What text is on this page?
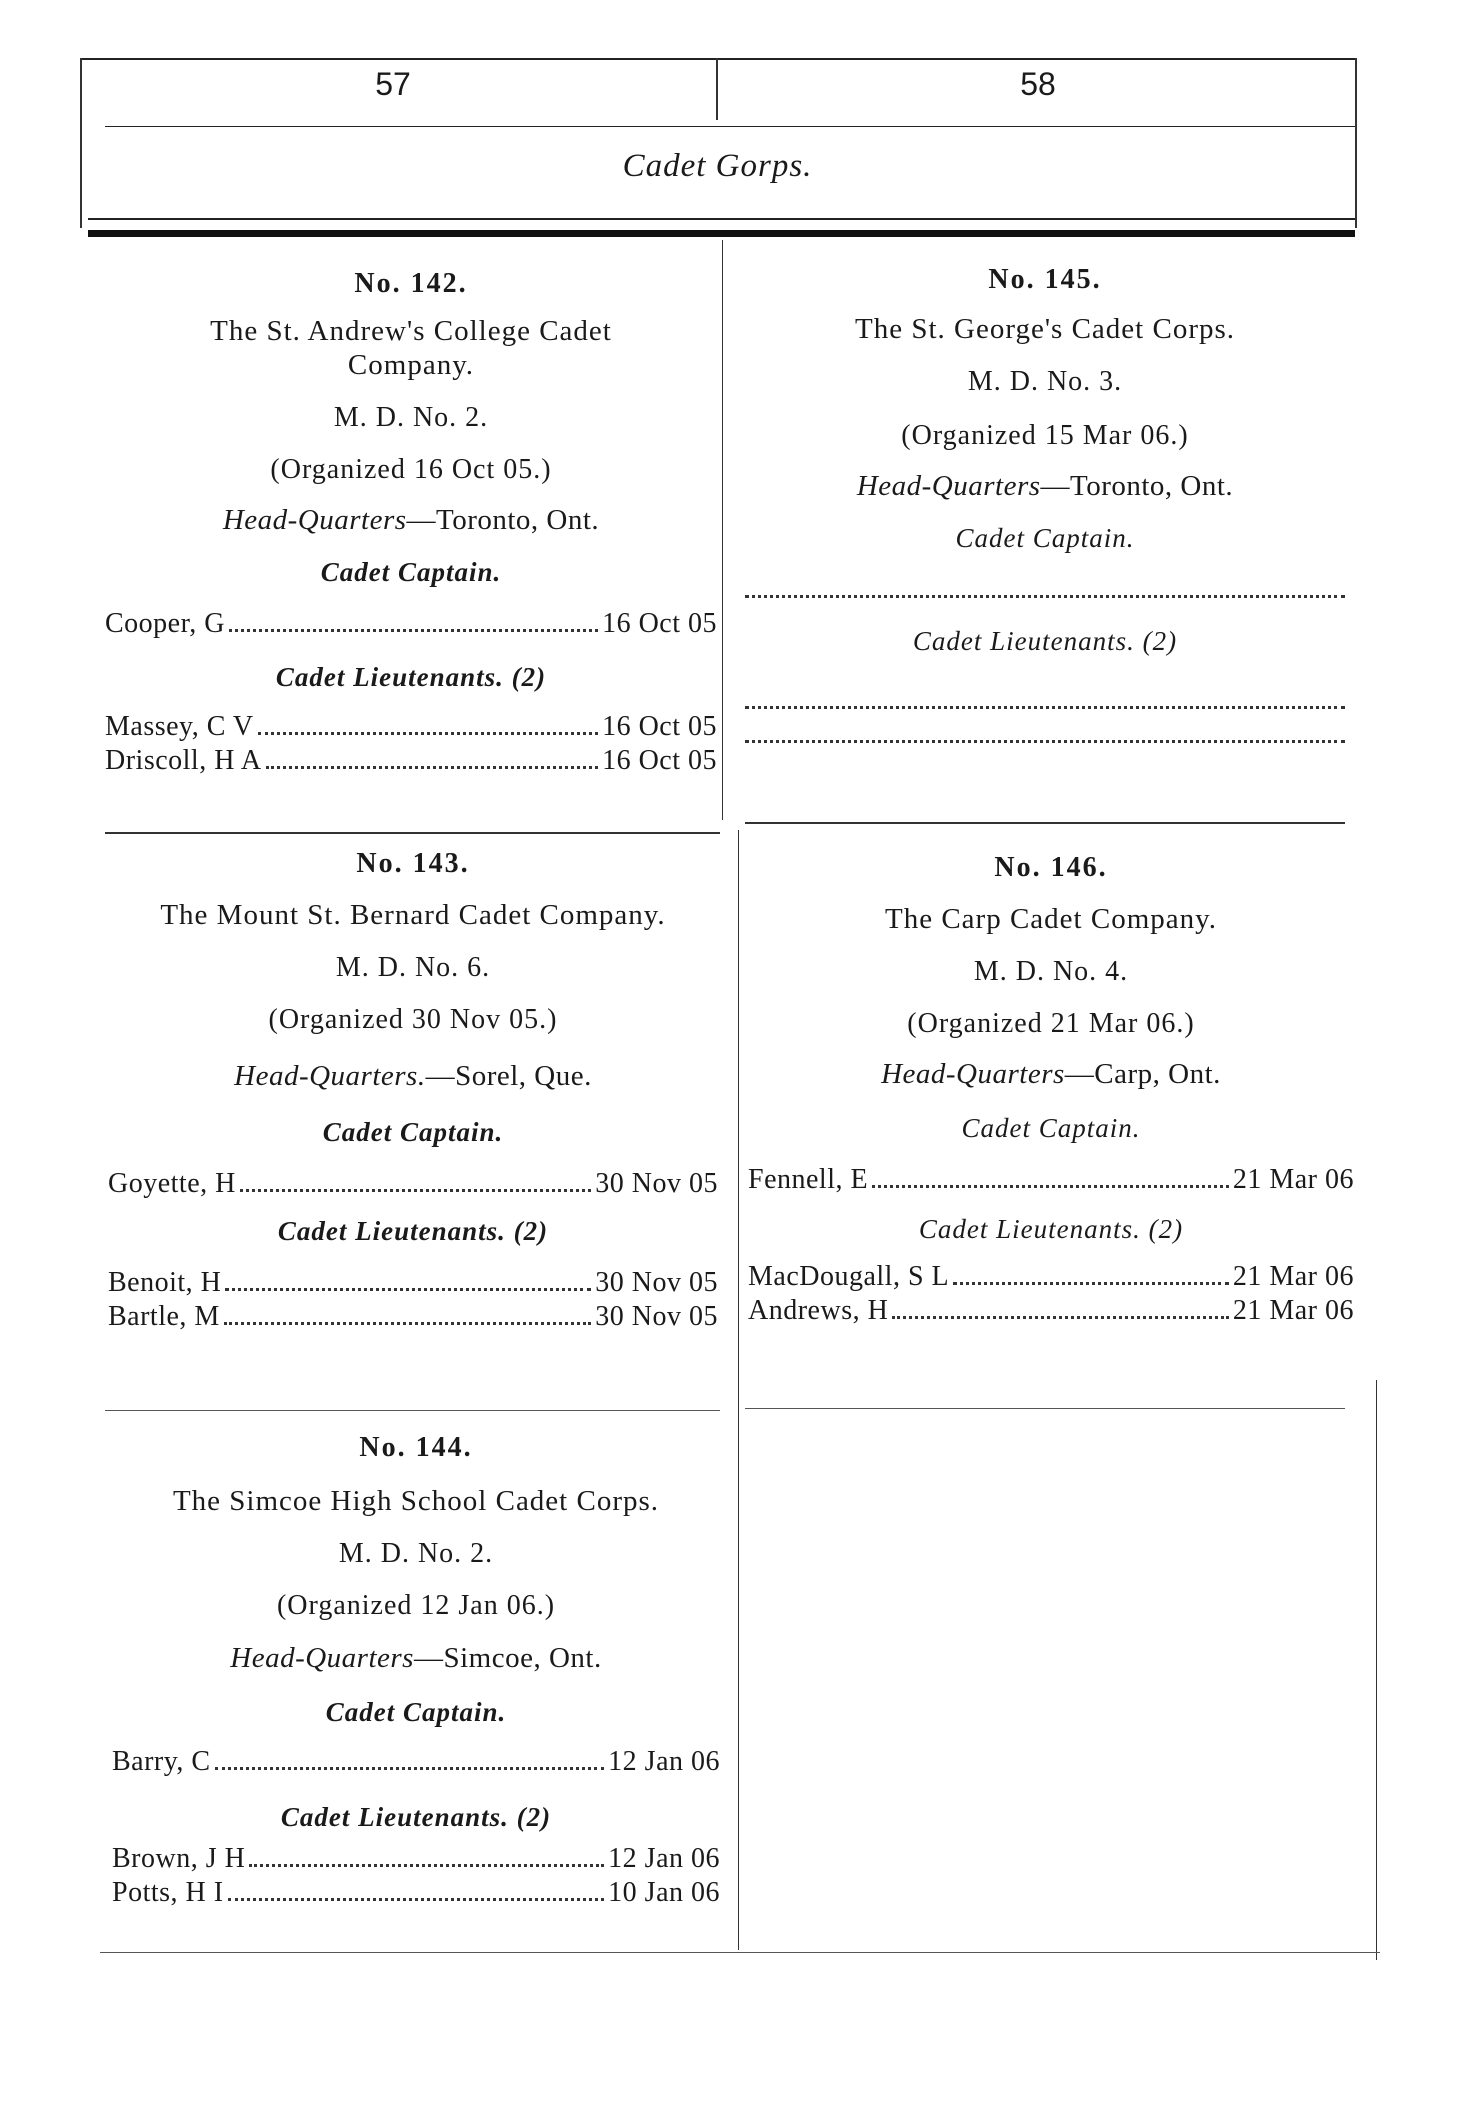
57	58
Cadet Gorps.
No. 142.
The St. Andrew's College Cadet Company.
M. D. No. 2.
(Organized 16 Oct 05.)
Head-Quarters—Toronto, Ont.
Cadet Captain.
Cooper, G	16 Oct 05
Cadet Lieutenants. (2)
Massey, C V	16 Oct 05
Driscoll, H A	16 Oct 05
No. 143.
The Mount St. Bernard Cadet Company.
M. D. No. 6.
(Organized 30 Nov 05.)
Head-Quarters.—Sorel, Que.
Cadet Captain.
Goyette, H	30 Nov 05
Cadet Lieutenants. (2)
Benoit, H	30 Nov 05
Bartle, M	30 Nov 05
No. 144.
The Simcoe High School Cadet Corps.
M. D. No. 2.
(Organized 12 Jan 06.)
Head-Quarters—Simcoe, Ont.
Cadet Captain.
Barry, C	12 Jan 06
Cadet Lieutenants. (2)
Brown, J H	12 Jan 06
Potts, H I	10 Jan 06
No. 145.
The St. George's Cadet Corps.
M. D. No. 3.
(Organized 15 Mar 06.)
Head-Quarters—Toronto, Ont.
Cadet Captain.
Cadet Lieutenants. (2)
No. 146.
The Carp Cadet Company.
M. D. No. 4.
(Organized 21 Mar 06.)
Head-Quarters—Carp, Ont.
Cadet Captain.
Fennell, E	21 Mar 06
Cadet Lieutenants. (2)
MacDougall, S L	21 Mar 06
Andrews, H	21 Mar 06
